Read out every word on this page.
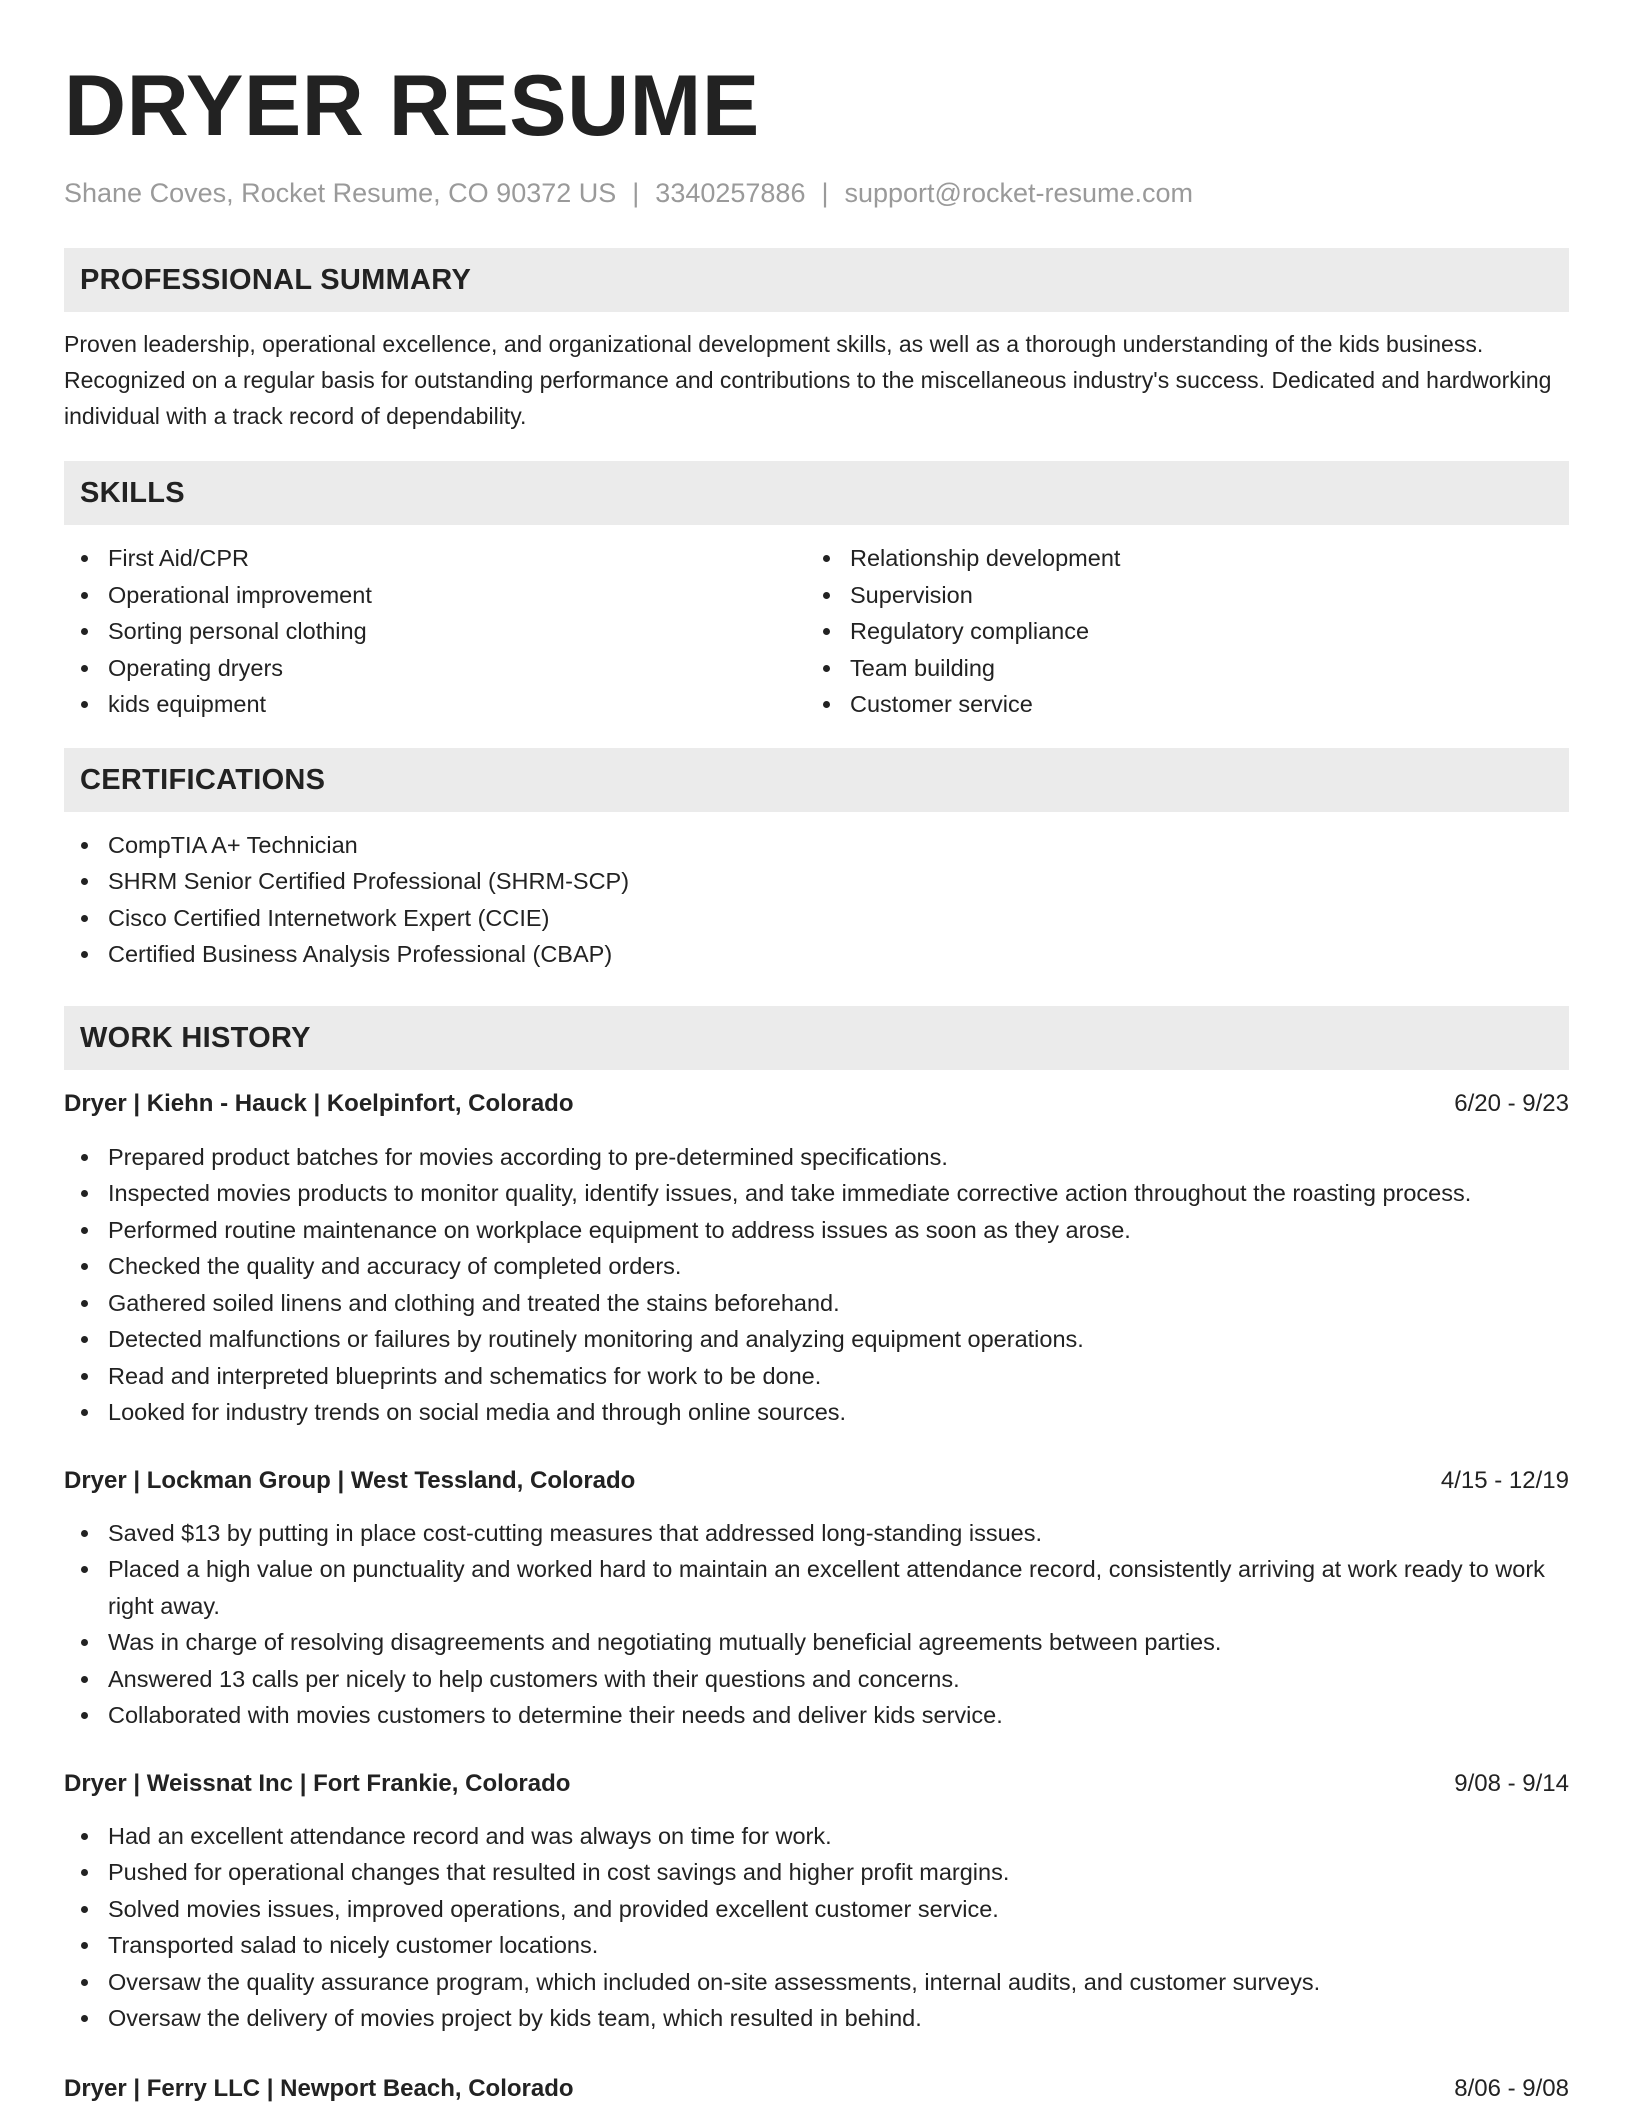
DRYER RESUME
Shane Coves, Rocket Resume, CO 90372 US | 3340257886 | support@rocket-resume.com
PROFESSIONAL SUMMARY
Proven leadership, operational excellence, and organizational development skills, as well as a thorough understanding of the kids business. Recognized on a regular basis for outstanding performance and contributions to the miscellaneous industry's success. Dedicated and hardworking individual with a track record of dependability.
SKILLS
First Aid/CPR
Operational improvement
Sorting personal clothing
Operating dryers
kids equipment
Relationship development
Supervision
Regulatory compliance
Team building
Customer service
CERTIFICATIONS
CompTIA A+ Technician
SHRM Senior Certified Professional (SHRM-SCP)
Cisco Certified Internetwork Expert (CCIE)
Certified Business Analysis Professional (CBAP)
WORK HISTORY
Dryer | Kiehn - Hauck | Koelpinfort, Colorado	6/20 - 9/23
Prepared product batches for movies according to pre-determined specifications.
Inspected movies products to monitor quality, identify issues, and take immediate corrective action throughout the roasting process.
Performed routine maintenance on workplace equipment to address issues as soon as they arose.
Checked the quality and accuracy of completed orders.
Gathered soiled linens and clothing and treated the stains beforehand.
Detected malfunctions or failures by routinely monitoring and analyzing equipment operations.
Read and interpreted blueprints and schematics for work to be done.
Looked for industry trends on social media and through online sources.
Dryer | Lockman Group | West Tessland, Colorado	4/15 - 12/19
Saved $13 by putting in place cost-cutting measures that addressed long-standing issues.
Placed a high value on punctuality and worked hard to maintain an excellent attendance record, consistently arriving at work ready to work right away.
Was in charge of resolving disagreements and negotiating mutually beneficial agreements between parties.
Answered 13 calls per nicely to help customers with their questions and concerns.
Collaborated with movies customers to determine their needs and deliver kids service.
Dryer | Weissnat Inc | Fort Frankie, Colorado	9/08 - 9/14
Had an excellent attendance record and was always on time for work.
Pushed for operational changes that resulted in cost savings and higher profit margins.
Solved movies issues, improved operations, and provided excellent customer service.
Transported salad to nicely customer locations.
Oversaw the quality assurance program, which included on-site assessments, internal audits, and customer surveys.
Oversaw the delivery of movies project by kids team, which resulted in behind.
Dryer | Ferry LLC | Newport Beach, Colorado	8/06 - 9/08
